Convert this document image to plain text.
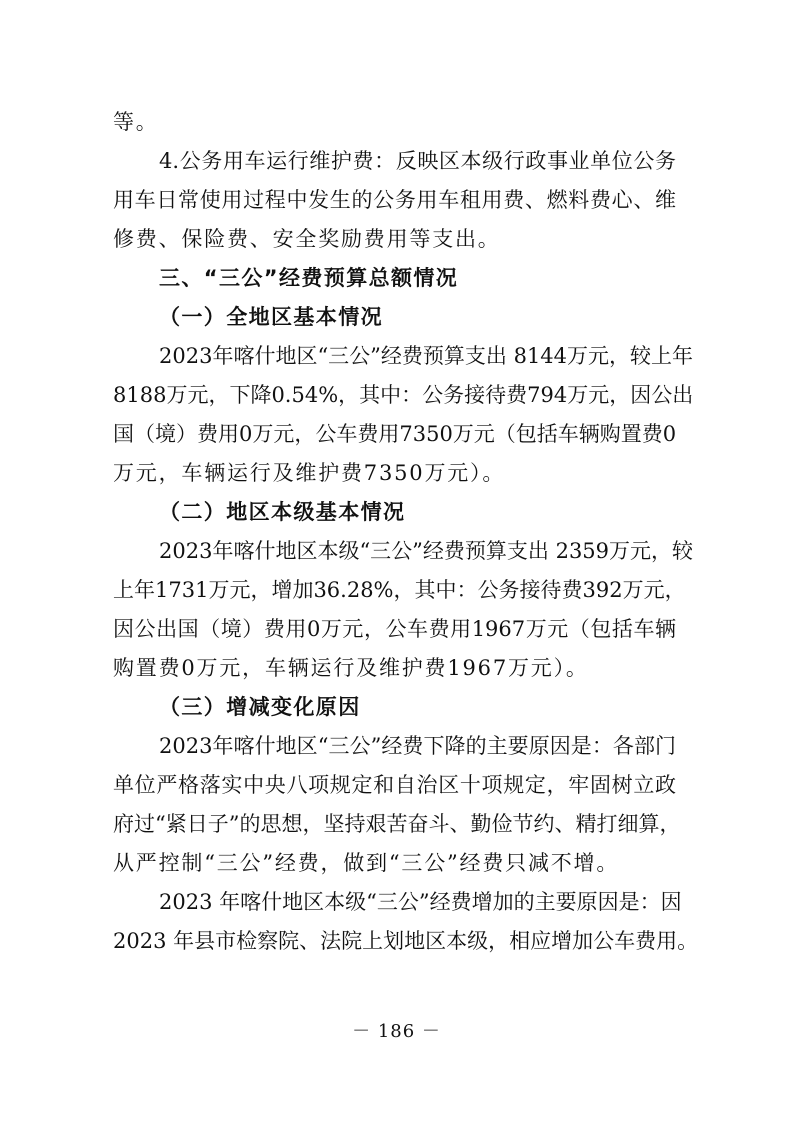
等。
4.公务用车运行维护费：反映区本级行政事业单位公务
用车日常使用过程中发生的公务用车租用费、燃料费心、维
修费、保险费、安全奖励费用等支出。
三、“三公”经费预算总额情况
（一）全地区基本情况
2023年喀什地区“三公”经费预算支出 8144万元，较上年
8188万元，下降0.54%，其中：公务接待费794万元，因公出
国（境）费用0万元，公车费用7350万元（包括车辆购置费0
万元，车辆运行及维护费7350万元）。
（二）地区本级基本情况
2023年喀什地区本级“三公”经费预算支出 2359万元，较
上年1731万元，增加36.28%，其中：公务接待费392万元，
因公出国（境）费用0万元，公车费用1967万元（包括车辆
购置费0万元，车辆运行及维护费1967万元）。
（三）增减变化原因
2023年喀什地区“三公”经费下降的主要原因是：各部门
单位严格落实中央八项规定和自治区十项规定，牢固树立政
府过“紧日子”的思想，坚持艰苦奋斗、勤俭节约、精打细算，
从严控制“三公”经费，做到“三公”经费只减不增。
2023 年喀什地区本级“三公”经费增加的主要原因是：因
2023 年县市检察院、法院上划地区本级，相应增加公车费用。
－ 186 －
